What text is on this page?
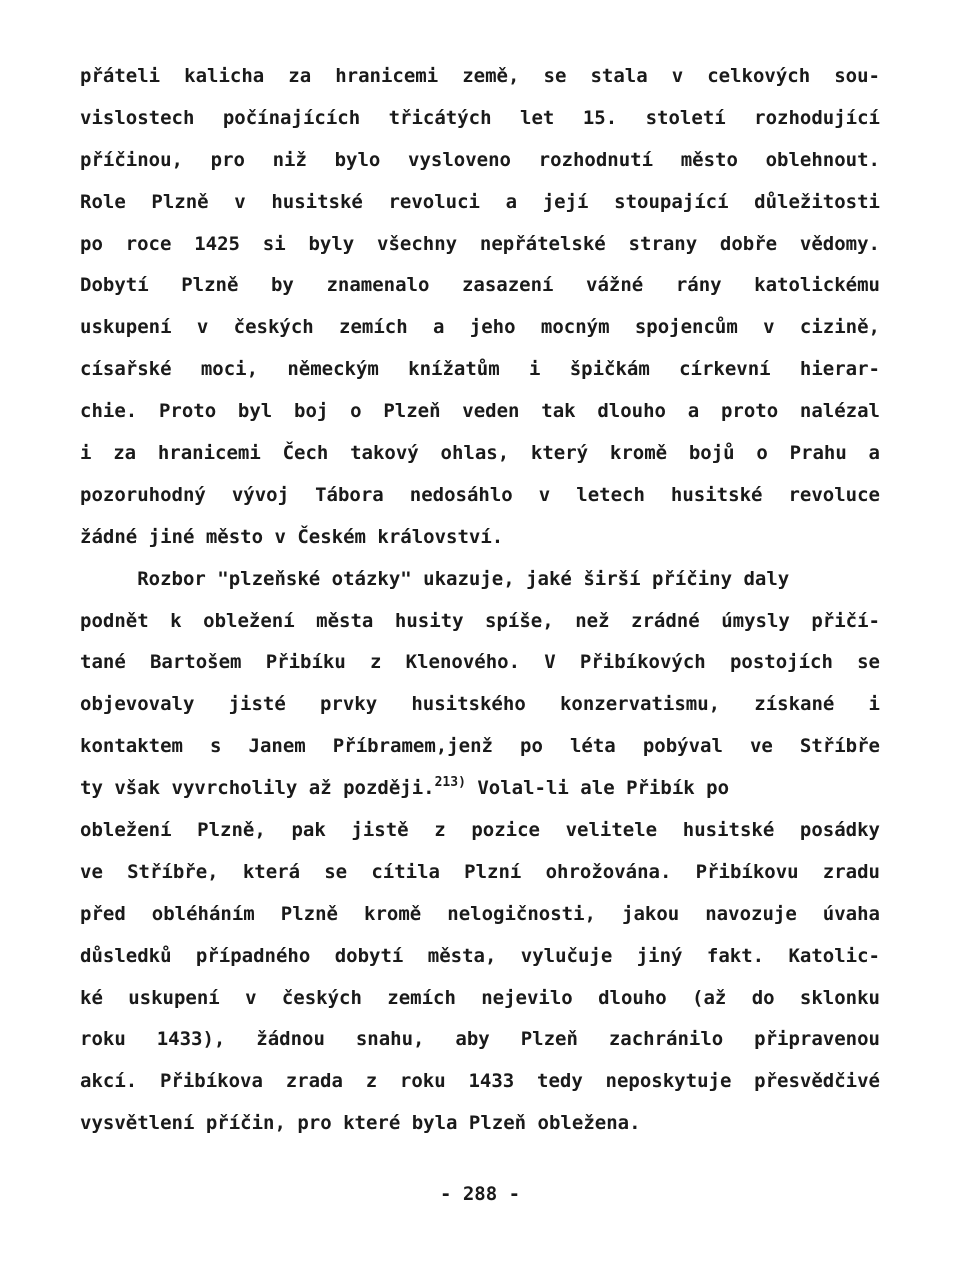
přáteli kalicha za hranicemi země, se stala v celkových sou-
vislostech počínajících třicátých let 15. století rozhodující
příčinou, pro niž bylo vysloveno rozhodnutí město oblehnout.
Role Plzně v husitské revoluci a její stoupající důležitosti
po roce 1425 si byly všechny nepřátelské strany dobře vědomy.
Dobytí Plzně by znamenalo zasazení vážné rány katolickému
uskupení v českých zemích a jeho mocným spojencům v cizině,
císařské moci, německým knížatům i špičkám církevní hierar-
chie. Proto byl boj o Plzeň veden tak dlouho a proto nalézal
i za hranicemi Čech takový ohlas, který kromě bojů o Prahu a
pozoruhodný vývoj Tábora nedosáhlo v letech husitské revoluce
žádné jiné město v Českém království.
Rozbor "plzeňské otázky" ukazuje, jaké širší příčiny daly
podnět k obležení města husity spíše, než zrádné úmysly přičí-
tané Bartošem Přibíku z Klenového. V Přibíkových postojích se
objevovaly jisté prvky husitského konzervatismu, získané i
kontaktem s Janem Příbramem,jenž po léta pobýval ve Stříbře
ty však vyvrcholily až později.$^{213)}$ Volal-li ale Přibík po
obležení Plzně, pak jistě z pozice velitele husitské posádky
ve Stříbře, která se cítila Plzní ohrožována. Přibíkovu zradu
před obléháním Plzně kromě nelogičnosti, jakou navozuje úvaha
důsledků případného dobytí města, vylučuje jiný fakt. Katolic-
ké uskupení v českých zemích nejevilo dlouho (až do sklonku
roku 1433), žádnou snahu, aby Plzeň zachránilo připravenou
akcí. Přibíkova zrada z roku 1433 tedy neposkytuje přesvědčivé
vysvětlení příčin, pro které byla Plzeň obležena.
- 288 -
